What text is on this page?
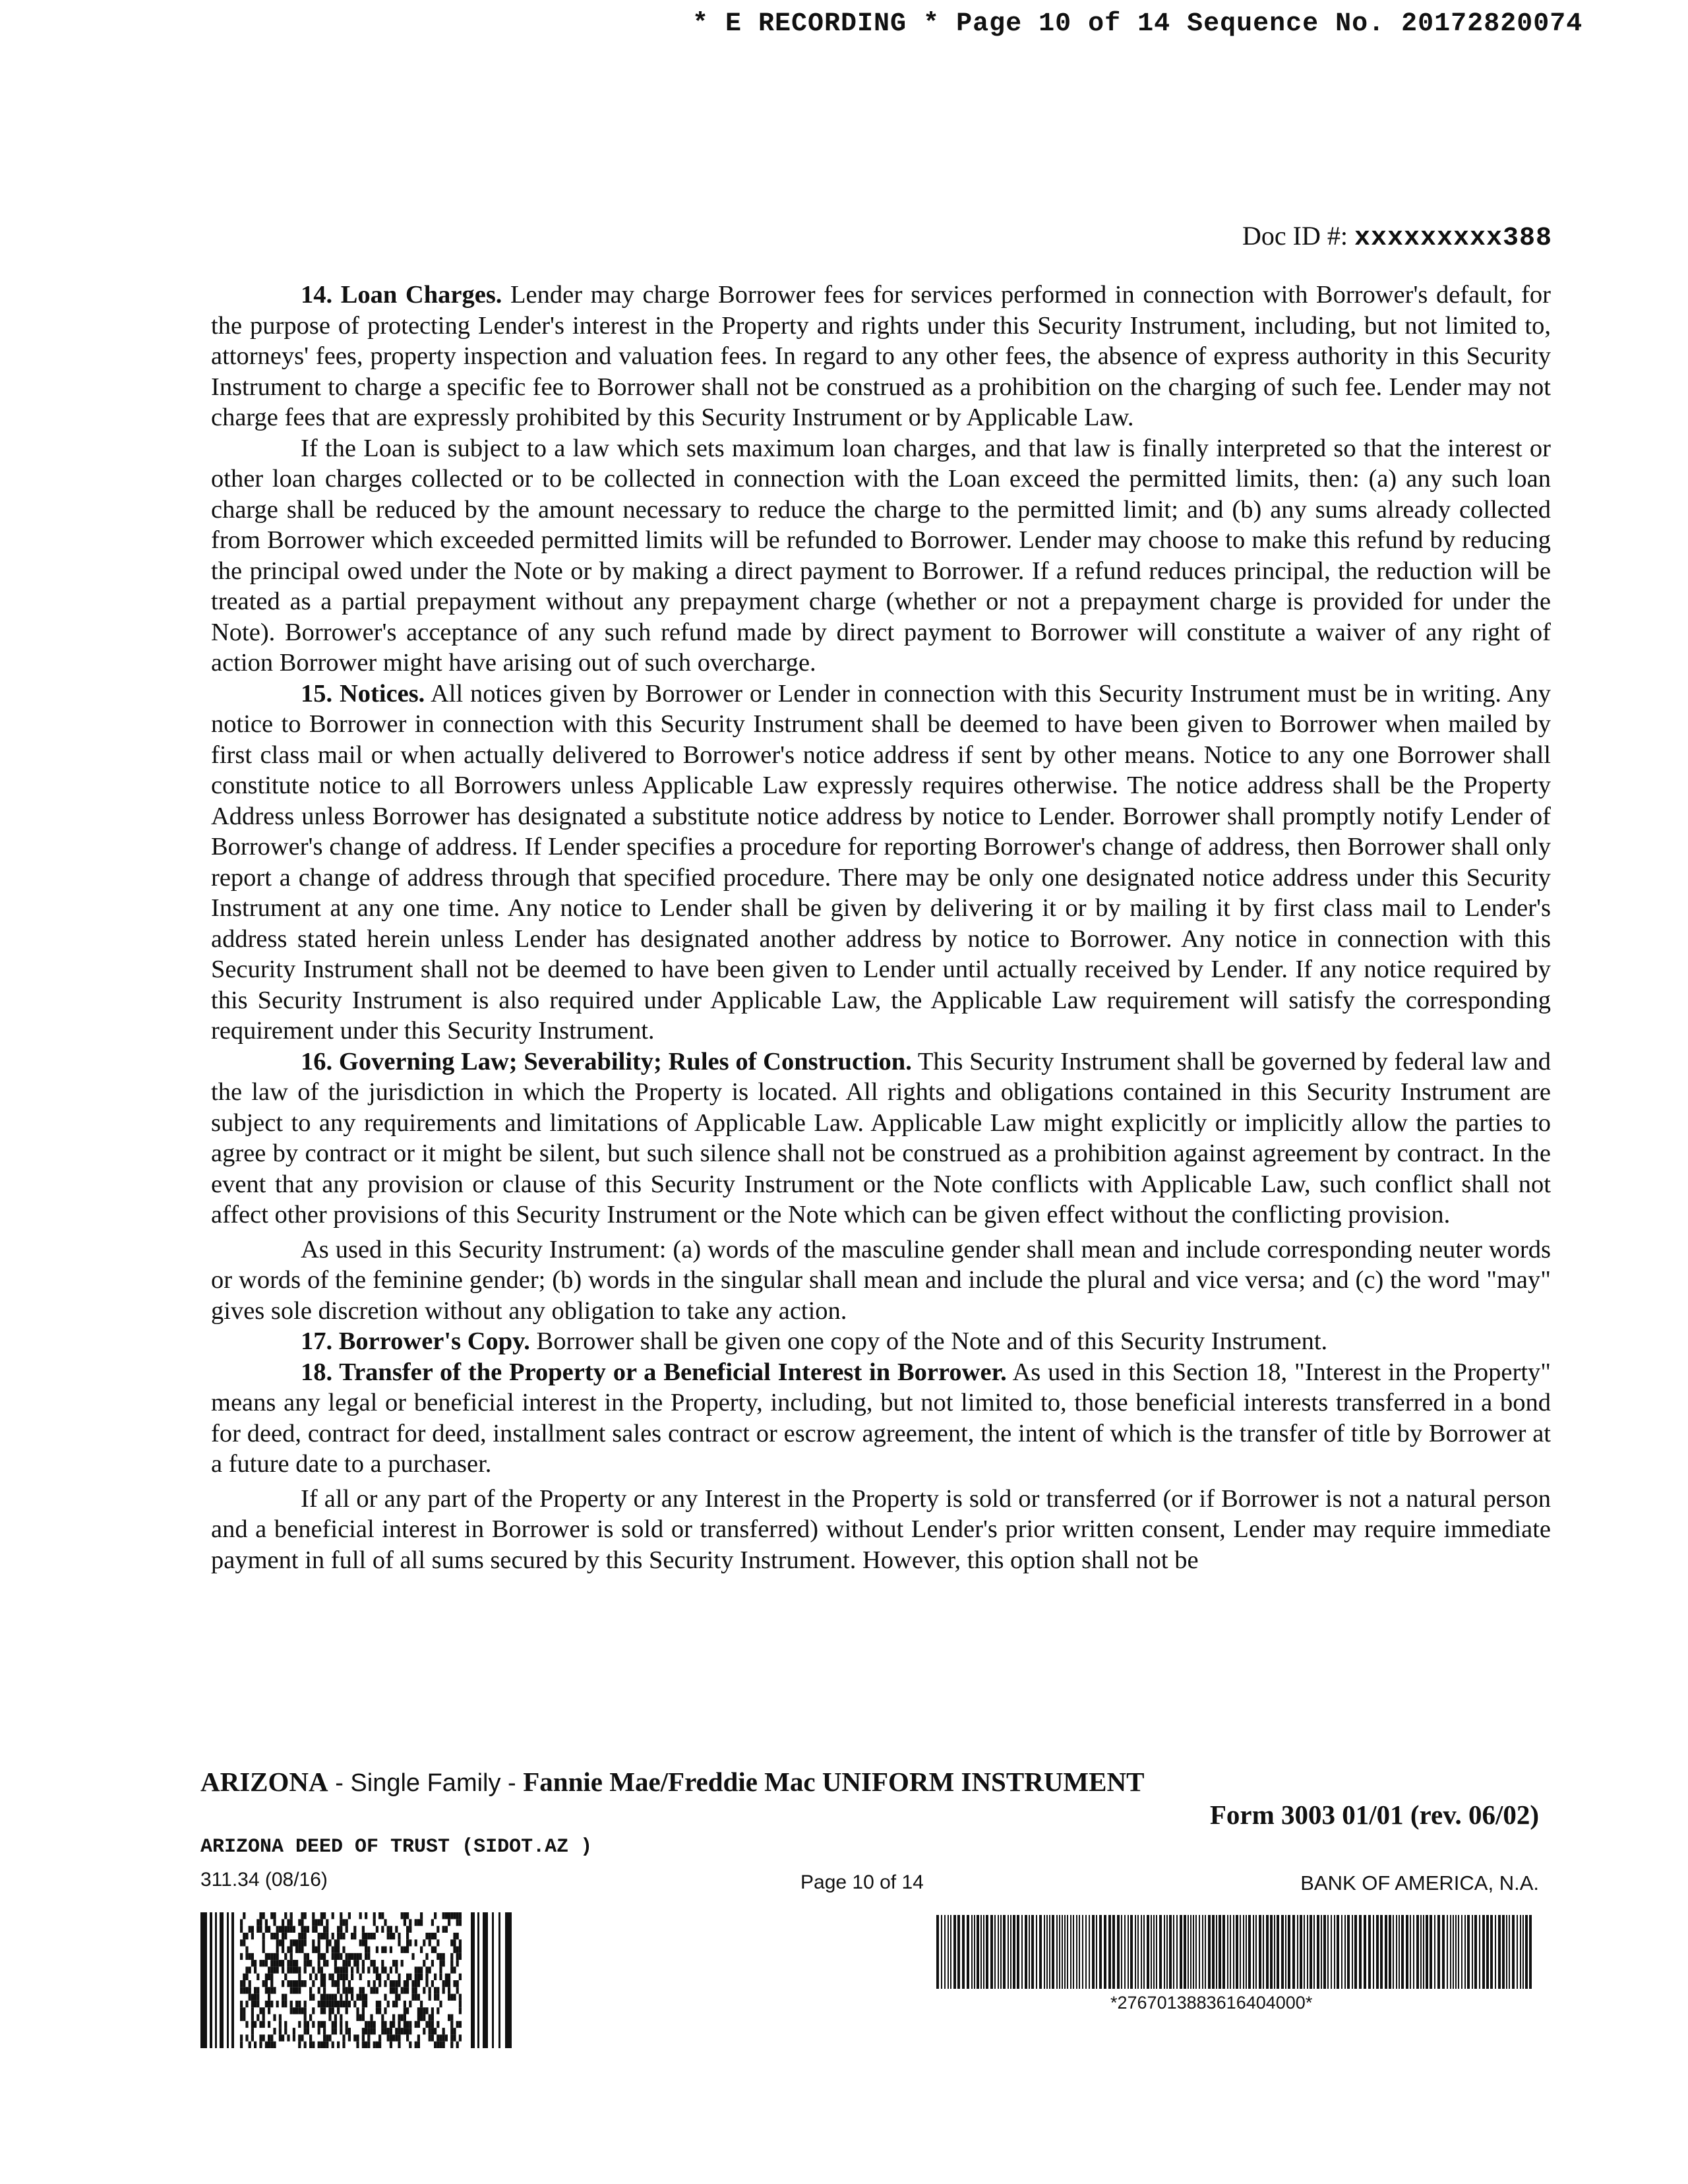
* E RECORDING * Page 10 of 14 Sequence No. 20172820074
Doc ID #: xxxxxxxxx388

14. Loan Charges. Lender may charge Borrower fees for services performed in connection with Borrower's default, for the purpose of protecting Lender's interest in the Property and rights under this Security Instrument, including, but not limited to, attorneys' fees, property inspection and valuation fees. In regard to any other fees, the absence of express authority in this Security Instrument to charge a specific fee to Borrower shall not be construed as a prohibition on the charging of such fee. Lender may not charge fees that are expressly prohibited by this Security Instrument or by Applicable Law.

If the Loan is subject to a law which sets maximum loan charges, and that law is finally interpreted so that the interest or other loan charges collected or to be collected in connection with the Loan exceed the permitted limits, then: (a) any such loan charge shall be reduced by the amount necessary to reduce the charge to the permitted limit; and (b) any sums already collected from Borrower which exceeded permitted limits will be refunded to Borrower. Lender may choose to make this refund by reducing the principal owed under the Note or by making a direct payment to Borrower. If a refund reduces principal, the reduction will be treated as a partial prepayment without any prepayment charge (whether or not a prepayment charge is provided for under the Note). Borrower's acceptance of any such refund made by direct payment to Borrower will constitute a waiver of any right of action Borrower might have arising out of such overcharge.

15. Notices. All notices given by Borrower or Lender in connection with this Security Instrument must be in writing. Any notice to Borrower in connection with this Security Instrument shall be deemed to have been given to Borrower when mailed by first class mail or when actually delivered to Borrower's notice address if sent by other means. Notice to any one Borrower shall constitute notice to all Borrowers unless Applicable Law expressly requires otherwise. The notice address shall be the Property Address unless Borrower has designated a substitute notice address by notice to Lender. Borrower shall promptly notify Lender of Borrower's change of address. If Lender specifies a procedure for reporting Borrower's change of address, then Borrower shall only report a change of address through that specified procedure. There may be only one designated notice address under this Security Instrument at any one time. Any notice to Lender shall be given by delivering it or by mailing it by first class mail to Lender's address stated herein unless Lender has designated another address by notice to Borrower. Any notice in connection with this Security Instrument shall not be deemed to have been given to Lender until actually received by Lender. If any notice required by this Security Instrument is also required under Applicable Law, the Applicable Law requirement will satisfy the corresponding requirement under this Security Instrument.

16. Governing Law; Severability; Rules of Construction. This Security Instrument shall be governed by federal law and the law of the jurisdiction in which the Property is located. All rights and obligations contained in this Security Instrument are subject to any requirements and limitations of Applicable Law. Applicable Law might explicitly or implicitly allow the parties to agree by contract or it might be silent, but such silence shall not be construed as a prohibition against agreement by contract. In the event that any provision or clause of this Security Instrument or the Note conflicts with Applicable Law, such conflict shall not affect other provisions of this Security Instrument or the Note which can be given effect without the conflicting provision.

As used in this Security Instrument: (a) words of the masculine gender shall mean and include corresponding neuter words or words of the feminine gender; (b) words in the singular shall mean and include the plural and vice versa; and (c) the word "may" gives sole discretion without any obligation to take any action.

17. Borrower's Copy. Borrower shall be given one copy of the Note and of this Security Instrument.

18. Transfer of the Property or a Beneficial Interest in Borrower. As used in this Section 18, "Interest in the Property" means any legal or beneficial interest in the Property, including, but not limited to, those beneficial interests transferred in a bond for deed, contract for deed, installment sales contract or escrow agreement, the intent of which is the transfer of title by Borrower at a future date to a purchaser.

If all or any part of the Property or any Interest in the Property is sold or transferred (or if Borrower is not a natural person and a beneficial interest in Borrower is sold or transferred) without Lender's prior written consent, Lender may require immediate payment in full of all sums secured by this Security Instrument. However, this option shall not be

ARIZONA - Single Family - Fannie Mae/Freddie Mac UNIFORM INSTRUMENT
Form 3003 01/01 (rev. 06/02)
ARIZONA DEED OF TRUST (SIDOT.AZ )
311.34 (08/16)	Page 10 of 14	BANK OF AMERICA, N.A.
*2767013883616404000*
